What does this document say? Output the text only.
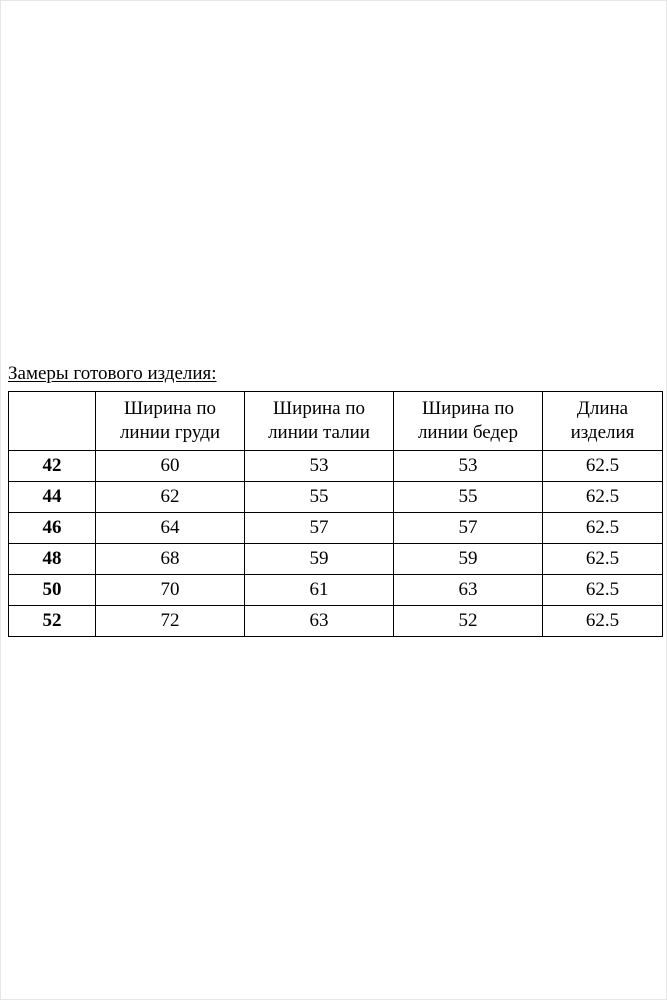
Замеры готового изделия:

	Ширина по
линии груди	Ширина по
линии талии	Ширина по
линии бедер	Длина
изделия

42	60	53	53	62.5
44	62	55	55	62.5
46	64	57	57	62.5
48	68	59	59	62.5
50	70	61	63	62.5
52	72	63	52	62.5
